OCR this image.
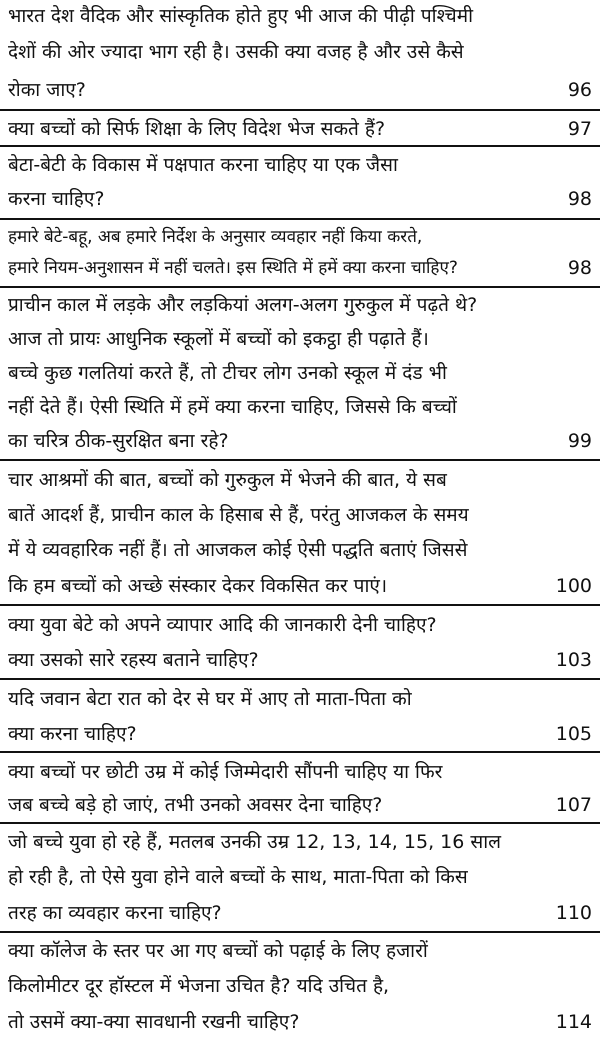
भारत देश वैदिक और सांस्कृतिक होते हुए भी आज की पीढ़ी पश्चिमी
देशों की ओर ज्यादा भाग रही है। उसकी क्या वजह है और उसे कैसे
रोका जाए?	96
क्या बच्चों को सिर्फ शिक्षा के लिए विदेश भेज सकते हैं?	97
बेटा-बेटी के विकास में पक्षपात करना चाहिए या एक जैसा
करना चाहिए?	98
हमारे बेटे-बहू, अब हमारे निर्देश के अनुसार व्यवहार नहीं किया करते,
हमारे नियम-अनुशासन में नहीं चलते। इस स्थिति में हमें क्या करना चाहिए?	98
प्राचीन काल में लड़के और लड़कियां अलग-अलग गुरुकुल में पढ़ते थे?
आज तो प्रायः आधुनिक स्कूलों में बच्चों को इकट्ठा ही पढ़ाते हैं।
बच्चे कुछ गलतियां करते हैं, तो टीचर लोग उनको स्कूल में दंड भी
नहीं देते हैं। ऐसी स्थिति में हमें क्या करना चाहिए, जिससे कि बच्चों
का चरित्र ठीक-सुरक्षित बना रहे?	99
चार आश्रमों की बात, बच्चों को गुरुकुल में भेजने की बात, ये सब
बातें आदर्श हैं, प्राचीन काल के हिसाब से हैं, परंतु आजकल के समय
में ये व्यवहारिक नहीं हैं। तो आजकल कोई ऐसी पद्धति बताएं जिससे
कि हम बच्चों को अच्छे संस्कार देकर विकसित कर पाएं।	100
क्या युवा बेटे को अपने व्यापार आदि की जानकारी देनी चाहिए?
क्या उसको सारे रहस्य बताने चाहिए?	103
यदि जवान बेटा रात को देर से घर में आए तो माता-पिता को
क्या करना चाहिए?	105
क्या बच्चों पर छोटी उम्र में कोई जिम्मेदारी सौंपनी चाहिए या फिर
जब बच्चे बड़े हो जाएं, तभी उनको अवसर देना चाहिए?	107
जो बच्चे युवा हो रहे हैं, मतलब उनकी उम्र 12, 13, 14, 15, 16 साल
हो रही है, तो ऐसे युवा होने वाले बच्चों के साथ, माता-पिता को किस
तरह का व्यवहार करना चाहिए?	110
क्या कॉलेज के स्तर पर आ गए बच्चों को पढ़ाई के लिए हजारों
किलोमीटर दूर हॉस्टल में भेजना उचित है? यदि उचित है,
तो उसमें क्या-क्या सावधानी रखनी चाहिए?	114
